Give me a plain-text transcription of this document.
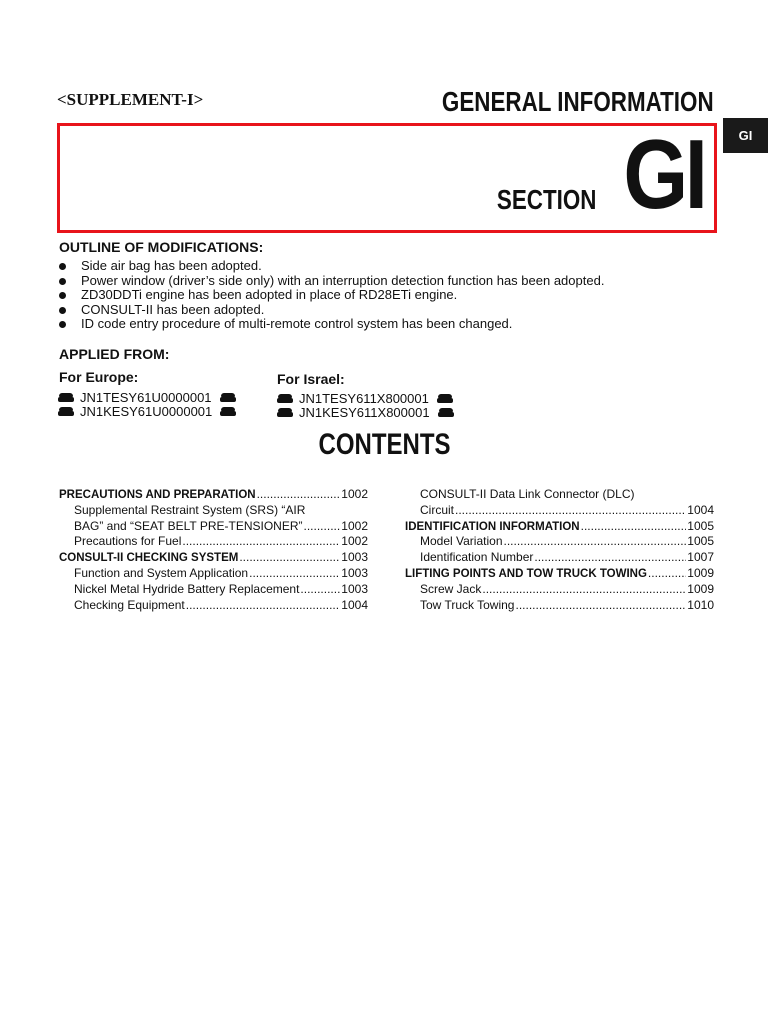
<SUPPLEMENT-I>	GENERAL INFORMATION
GI
SECTION GI
OUTLINE OF MODIFICATIONS:
Side air bag has been adopted.
Power window (driver’s side only) with an interruption detection function has been adopted.
ZD30DDTi engine has been adopted in place of RD28ETi engine.
CONSULT-II has been adopted.
ID code entry procedure of multi-remote control system has been changed.
APPLIED FROM:
For Europe:
JN1TESY61U0000001
JN1KESY61U0000001
For Israel:
JN1TESY611X800001
JN1KESY611X800001
CONTENTS
PRECAUTIONS AND PREPARATION .....	1002
Supplemental Restraint System (SRS) “AIR
BAG” and “SEAT BELT PRE-TENSIONER” .....	1002
Precautions for Fuel .....	1002
CONSULT-II CHECKING SYSTEM .....	1003
Function and System Application .....	1003
Nickel Metal Hydride Battery Replacement .....	1003
Checking Equipment .....	1004
CONSULT-II Data Link Connector (DLC)
Circuit .....	1004
IDENTIFICATION INFORMATION .....	1005
Model Variation .....	1005
Identification Number .....	1007
LIFTING POINTS AND TOW TRUCK TOWING .....	1009
Screw Jack .....	1009
Tow Truck Towing .....	1010
